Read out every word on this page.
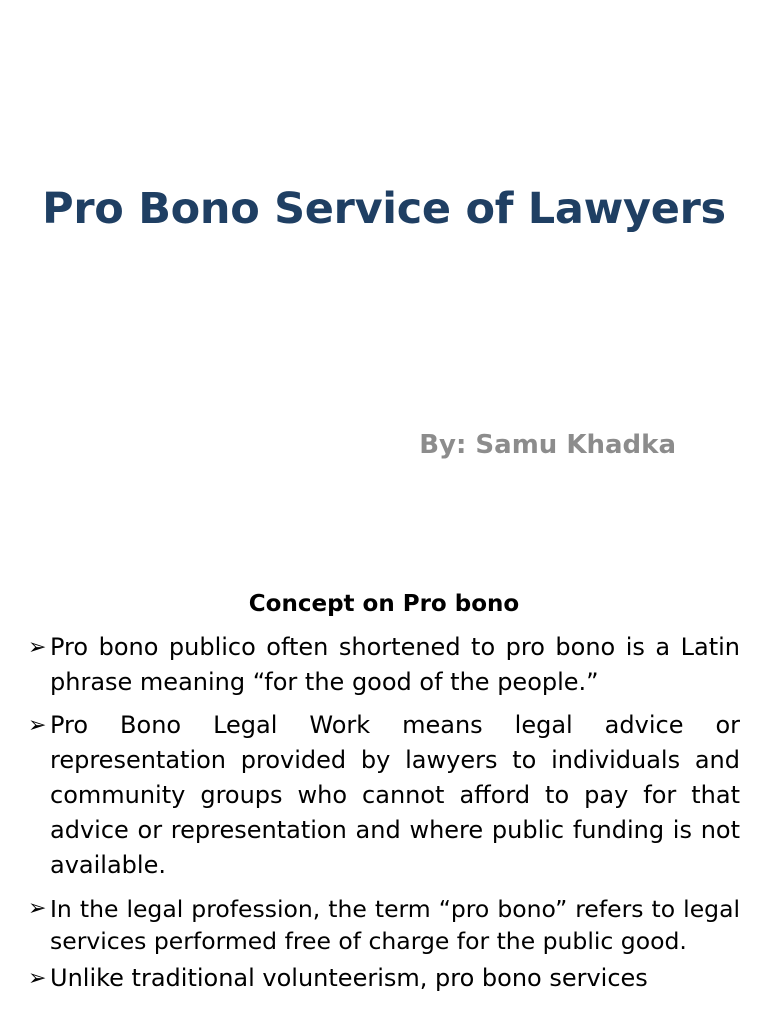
Pro Bono Service of Lawyers

By: Samu Khadka

Concept on Pro bono
➢ Pro bono publico often shortened to pro bono is a Latin phrase meaning “for the good of the people.”
➢ Pro Bono Legal Work means legal advice or representation provided by lawyers to individuals and community groups who cannot afford to pay for that advice or representation and where public funding is not available.
➢ In the legal profession, the term “pro bono” refers to legal services performed free of charge for the public good.
➢ Unlike traditional volunteerism, pro bono services
